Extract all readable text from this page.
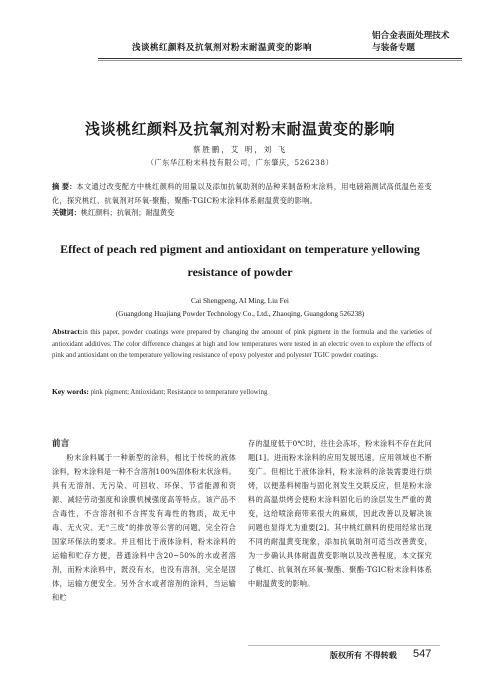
浅谈桃红颜料及抗氧剂对粉末耐温黄变的影响
铝合金表面处理技术与装备专题
浅谈桃红颜料及抗氧剂对粉末耐温黄变的影响
蔡胜鹏，艾 明，刘 飞
（广东华江粉末科技有限公司，广东肇庆，526238）
摘 要：本文通过改变配方中桃红颜料的用量以及添加抗氧助剂的品种来制备粉末涂料，用电磅箱测试高低温色差变化，探究桃红、抗氧剂对环氧-聚酯、聚酯-TGIC粉末涂料体系耐温黄变的影响。
关键词：桃红颜料；抗氧剂；耐温黄变
Effect of peach red pigment and antioxidant on temperature yellowing resistance of powder
Cai Shengpeng, AI Ming, Liu Fei
(Guangdong Huajiang Powder Technology Co., Ltd., Zhaoqing, Guangdong 526238)
Abstract:in this paper, powder coatings were prepared by changing the amount of pink pigment in the formula and the varieties of antioxidant additives. The color difference changes at high and low temperatures were tested in an electric oven to explore the effects of pink and antioxidant on the temperature yellowing resistance of epoxy polyester and polyester TGIC powder coatings.
Key words: pink pigment; Antioxidant; Resistance to temperature yellowing
前言

粉末涂料属于一种新型的涂料，相比于传统的液体涂料，粉末涂料是一种不含溶剂100%固体粉末状涂料。具有无溶剂、无污染、可回收、环保、节省能源和资源、减轻劳动强度和涂膜机械强度高等特点。该产品不含毒性，不含溶剂和不含挥发有毒性的物质，故无中毒、无火灾、无“三废”的排放等公害的问题，完全符合国家环保法的要求。并且相比于液体涂料，粉末涂料的运输和贮存方便，普通涂料中含20~50%的水或者溶剂，而粉末涂料中，既没有水，也没有溶剂，完全是固体，运输方便安全。另外含水或者溶剂的涂料，当运输和贮

存的温度低于0℃时，往往会冻坏，粉末涂料不存在此问题[1]。进而粉末涂料的应用发展迅速，应用领域也不断变广。但相比于液体涂料，粉末涂料的涂装需要进行烘烤，以便基料树脂与固化剂发生交联反应，但是粉末涂料的高温烘烤会使粉末涂料固化后的涂层发生严重的黄变，这给喷涂商带来很大的麻烦，因此改善以及解决该问题也显得尤为重要[2]。其中桃红颜料的使用经常出现不同的耐温黄变现象，添加抗氧助剂可适当改善黄变，为一步确认具体耐温黄变影响以及改善程度，本文探究了桃红、抗氧剂在环氧-聚酯、聚酯-TGIC粉末涂料体系中耐温黄变的影响。

版权所有 不得转载 547
